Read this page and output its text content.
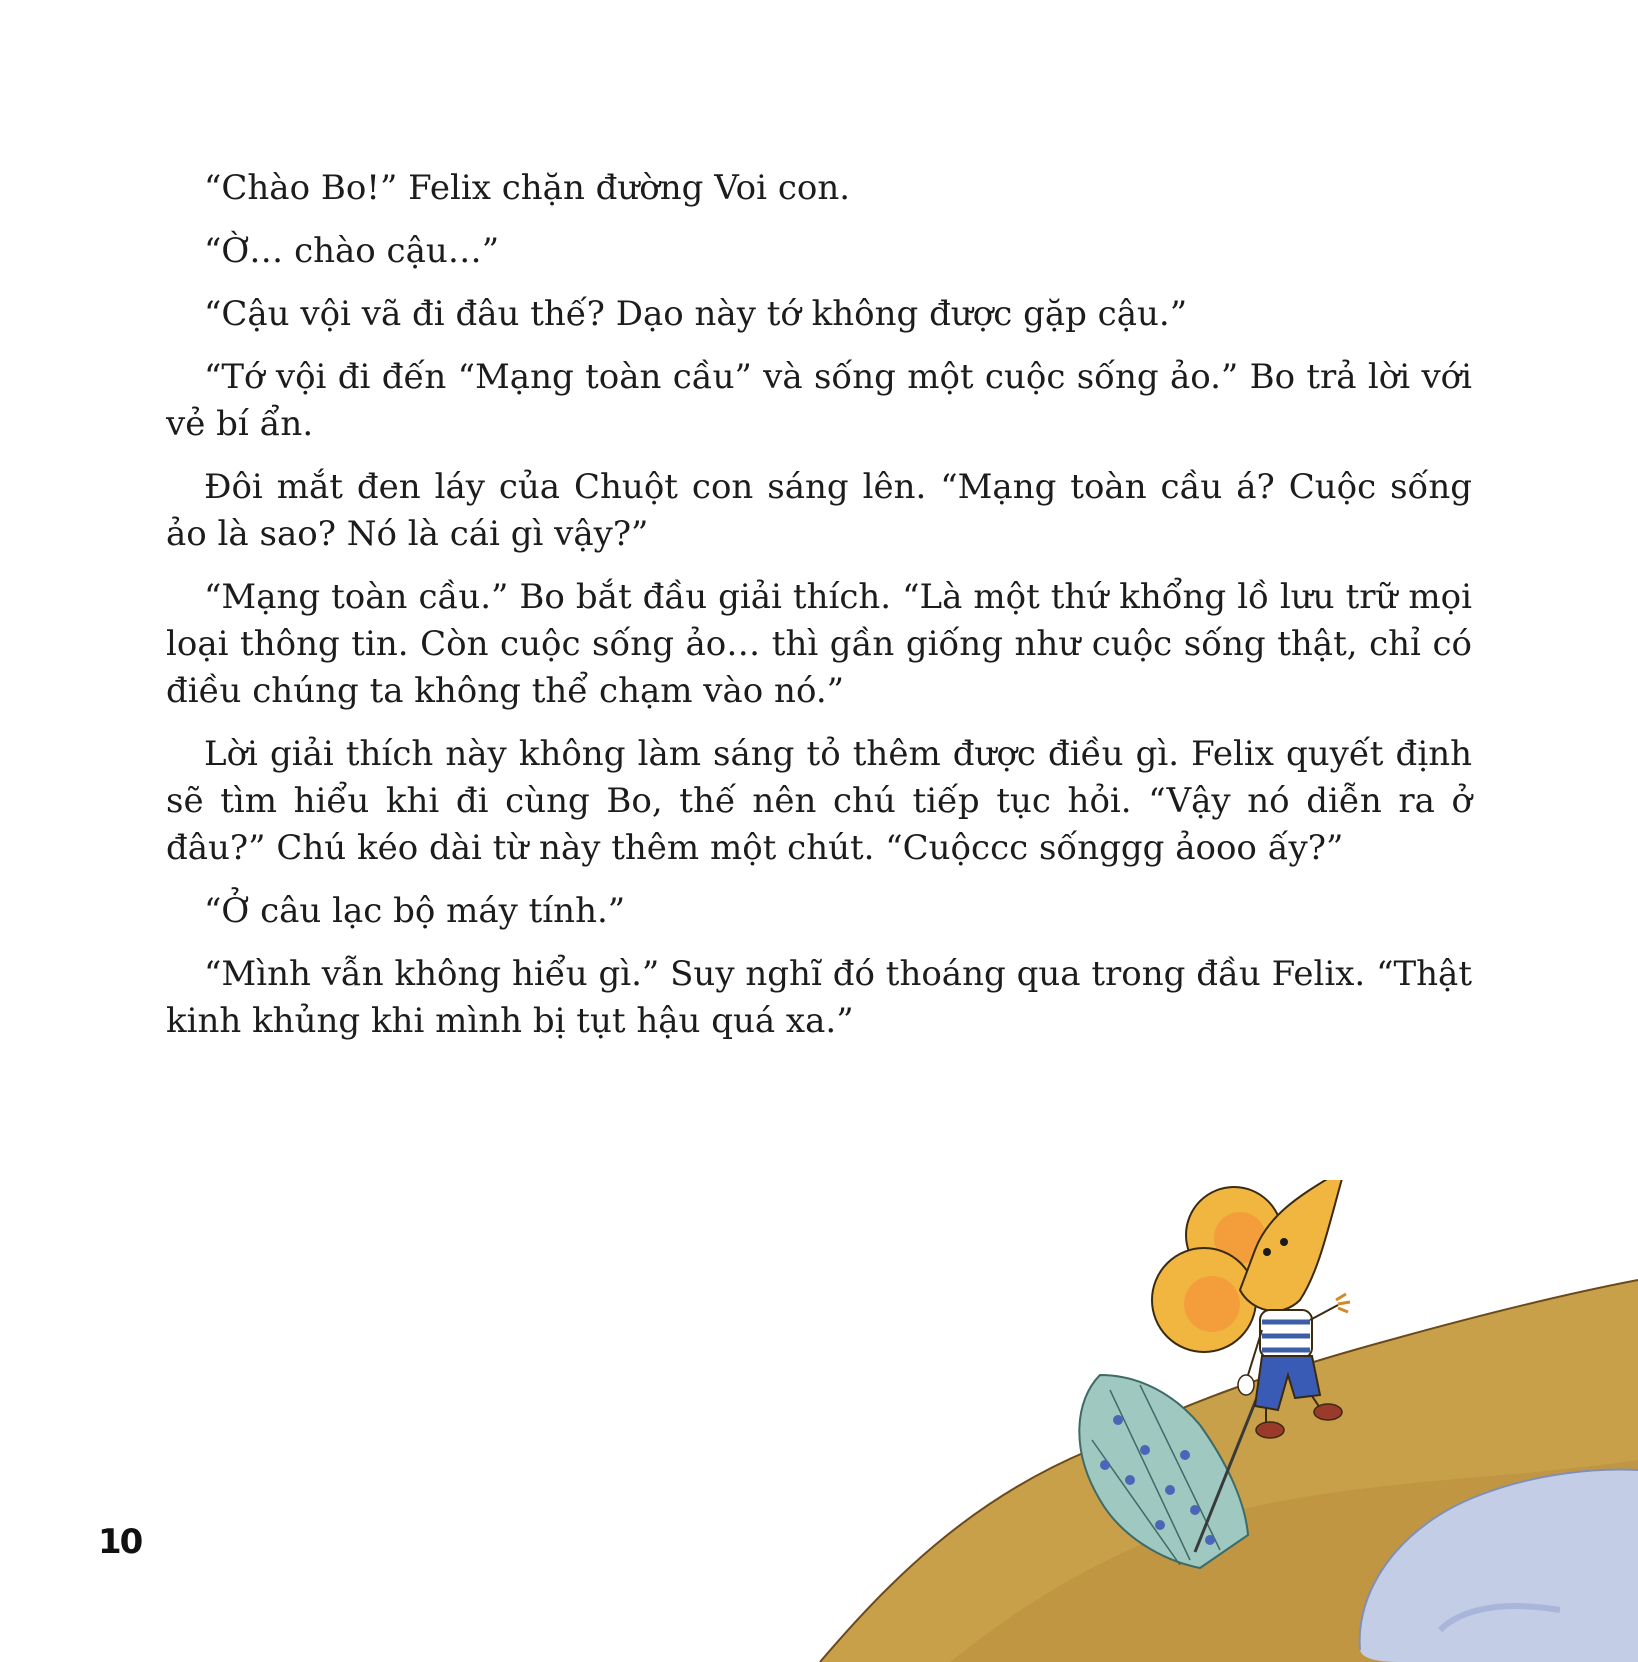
“Chào Bo!” Felix chặn đường Voi con.

“Ờ… chào cậu…”

“Cậu vội vã đi đâu thế? Dạo này tớ không được gặp cậu.”

“Tớ vội đi đến “Mạng toàn cầu” và sống một cuộc sống ảo.” Bo trả lời với vẻ bí ẩn.

Đôi mắt đen láy của Chuột con sáng lên. “Mạng toàn cầu á? Cuộc sống ảo là sao? Nó là cái gì vậy?”

“Mạng toàn cầu.” Bo bắt đầu giải thích. “Là một thứ khổng lồ lưu trữ mọi loại thông tin. Còn cuộc sống ảo… thì gần giống như cuộc sống thật, chỉ có điều chúng ta không thể chạm vào nó.”

Lời giải thích này không làm sáng tỏ thêm được điều gì. Felix quyết định sẽ tìm hiểu khi đi cùng Bo, thế nên chú tiếp tục hỏi. “Vậy nó diễn ra ở đâu?” Chú kéo dài từ này thêm một chút. “Cuộccc sốnggg ảooo ấy?”

“Ở câu lạc bộ máy tính.”

“Mình vẫn không hiểu gì.” Suy nghĩ đó thoáng qua trong đầu Felix. “Thật kinh khủng khi mình bị tụt hậu quá xa.”

10
